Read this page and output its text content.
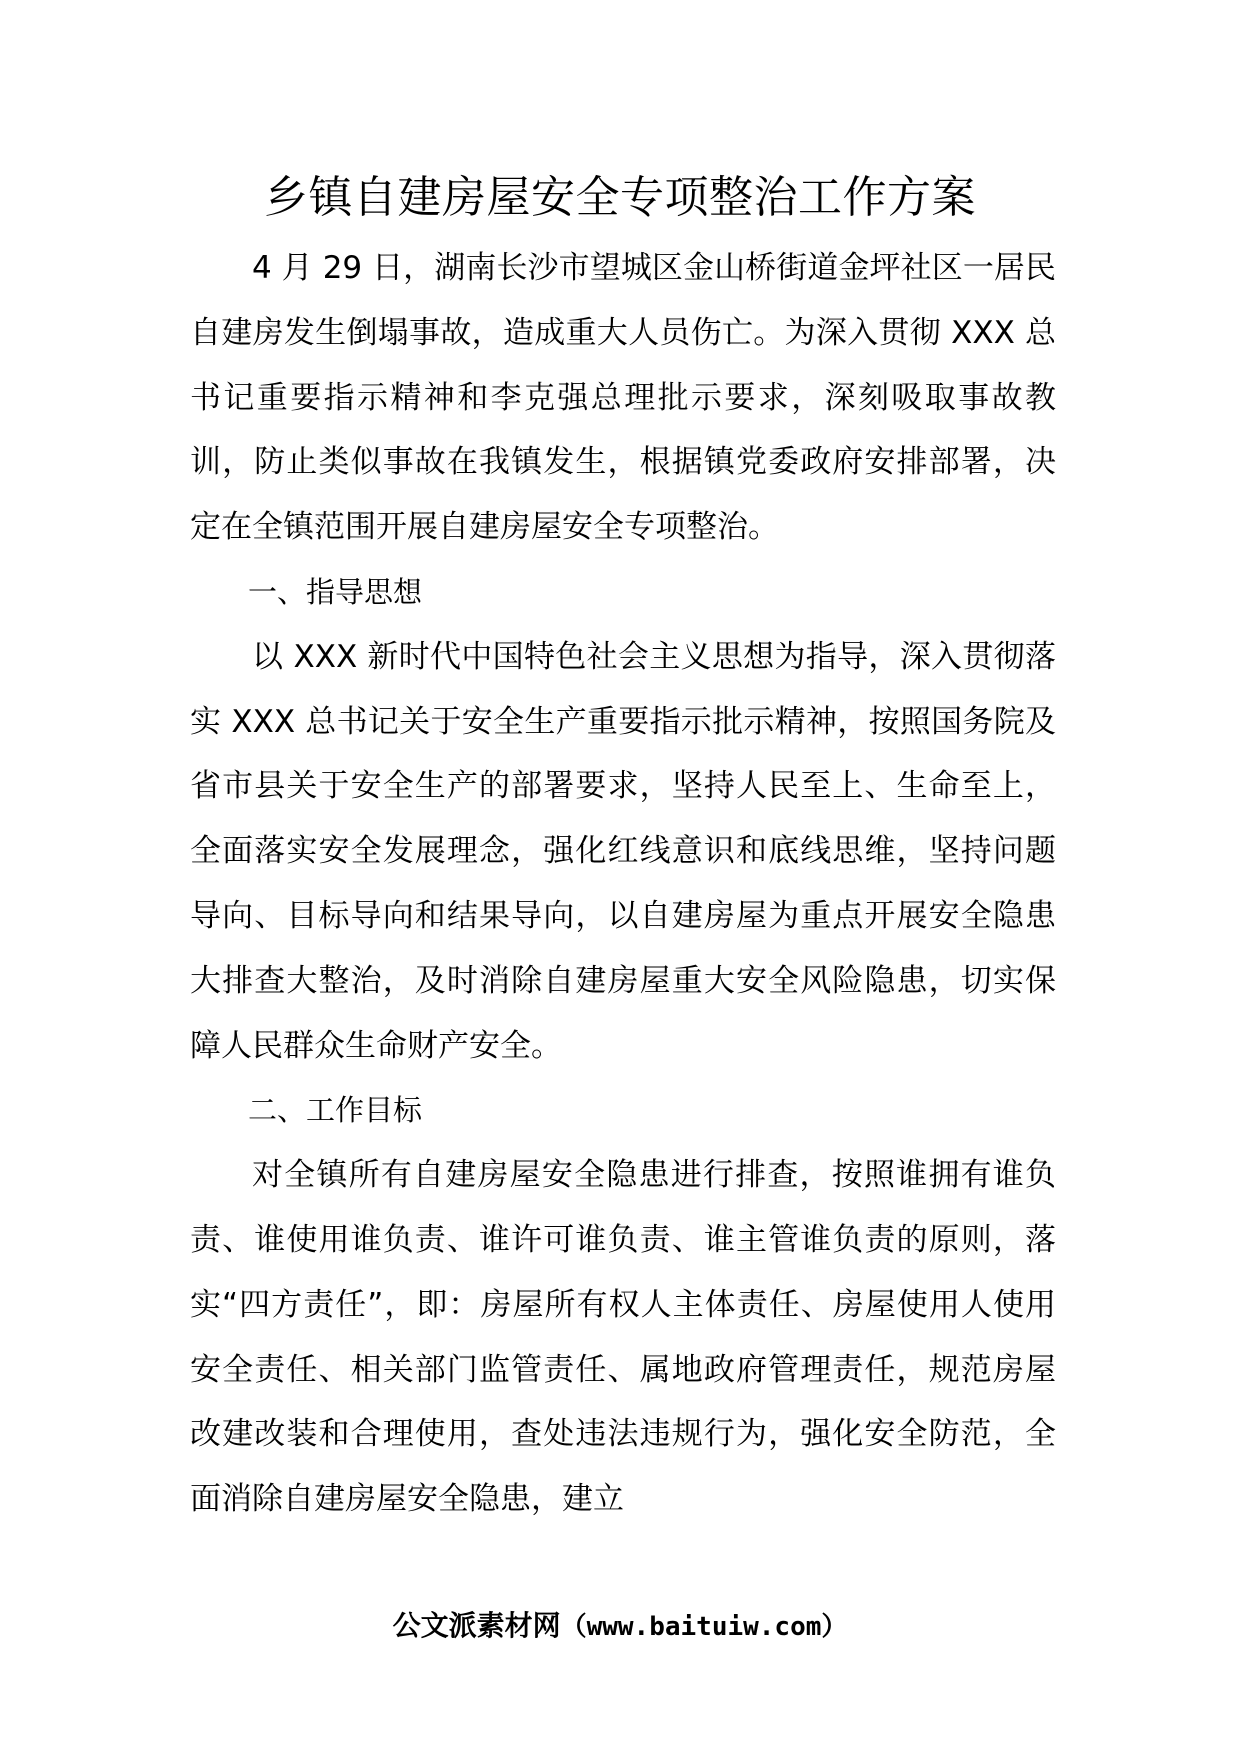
乡镇自建房屋安全专项整治工作方案

4 月 29 日，湖南长沙市望城区金山桥街道金坪社区一居民自建房发生倒塌事故，造成重大人员伤亡。为深入贯彻 XXX 总书记重要指示精神和李克强总理批示要求，深刻吸取事故教训，防止类似事故在我镇发生，根据镇党委政府安排部署，决定在全镇范围开展自建房屋安全专项整治。

一、指导思想

以 XXX 新时代中国特色社会主义思想为指导，深入贯彻落实 XXX 总书记关于安全生产重要指示批示精神，按照国务院及省市县关于安全生产的部署要求，坚持人民至上、生命至上，全面落实安全发展理念，强化红线意识和底线思维，坚持问题导向、目标导向和结果导向，以自建房屋为重点开展安全隐患大排查大整治，及时消除自建房屋重大安全风险隐患，切实保障人民群众生命财产安全。

二、工作目标

对全镇所有自建房屋安全隐患进行排查，按照谁拥有谁负责、谁使用谁负责、谁许可谁负责、谁主管谁负责的原则，落实“四方责任”，即：房屋所有权人主体责任、房屋使用人使用安全责任、相关部门监管责任、属地政府管理责任，规范房屋改建改装和合理使用，查处违法违规行为，强化安全防范，全面消除自建房屋安全隐患，建立

公文派素材网（www.baituiw.com）
